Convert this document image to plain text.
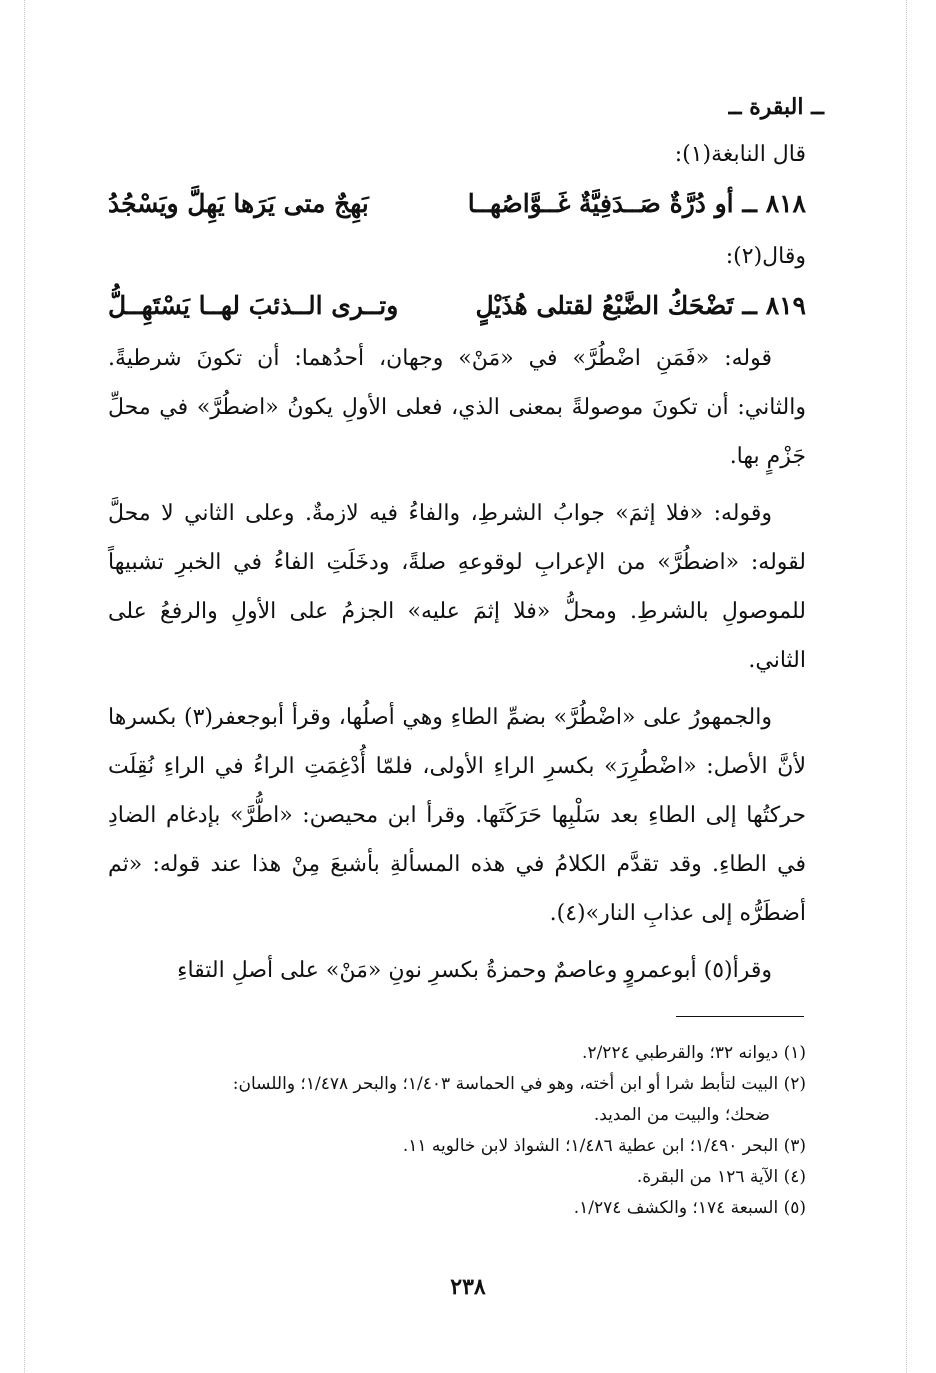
ــ البقرة ــ

قال النابغة(١):

٨١٨ ــ أو دُرَّةٌ صَــدَفِيَّةٌ غَــوَّاصُهــا
بَهِجٌ متى يَرَها يَهِلَّ ويَسْجُدُ

وقال(٢):

٨١٩ ــ تَضْحَكُ الضَّبْعُ لقتلى هُذَيْلٍ
وتــرى الــذئبَ لهــا يَسْتَهِــلُّ

قوله: «فَمَنِ اضْطُرَّ» في «مَنْ» وجهان، أحدُهما: أن تكونَ شرطيةً. والثاني: أن تكونَ موصولةً بمعنى الذي، فعلى الأولِ يكونُ «اضطُرَّ» في محلِّ جَزْمٍ بها.

وقوله: «فلا إثمَ» جوابُ الشرطِ، والفاءُ فيه لازمةٌ. وعلى الثاني لا محلَّ لقوله: «اضطُرَّ» من الإعرابِ لوقوعهِ صلةً، ودخَلَتِ الفاءُ في الخبرِ تشبيهاً للموصولِ بالشرطِ. ومحلُّ «فلا إثمَ عليه» الجزمُ على الأولِ والرفعُ على الثاني.

والجمهورُ على «اضْطُرَّ» بضمِّ الطاءِ وهي أصلُها، وقرأ أبوجعفر(٣) بكسرها لأنَّ الأصل: «اضْطُرِرَ» بكسرِ الراءِ الأولى، فلمّا أُدْغِمَتِ الراءُ في الراءِ نُقِلَت حركتُها إلى الطاءِ بعد سَلْبِها حَرَكَتَها. وقرأ ابن محيصن: «اطُّرَّ» بإدغام الضادِ في الطاءِ. وقد تقدَّم الكلامُ في هذه المسألةِ بأشبعَ مِنْ هذا عند قوله: «ثم أضطَرُّه إلى عذابِ النار»(٤).

وقرأ(٥) أبوعمروٍ وعاصمٌ وحمزةُ بكسرِ نونِ «مَنْ» على أصلِ التقاءِ

(١) ديوانه ٣٢؛ والقرطبي ٢/٢٢٤.

(٢) البيت لتأبط شرا أو ابن أخته، وهو في الحماسة ١/٤٠٣؛ والبحر ١/٤٧٨؛ واللسان:
ضحك؛ والبيت من المديد.

(٣) البحر ١/٤٩٠؛ ابن عطية ١/٤٨٦؛ الشواذ لابن خالويه ١١.

(٤) الآية ١٢٦ من البقرة.

(٥) السبعة ١٧٤؛ والكشف ١/٢٧٤.

٢٣٨
